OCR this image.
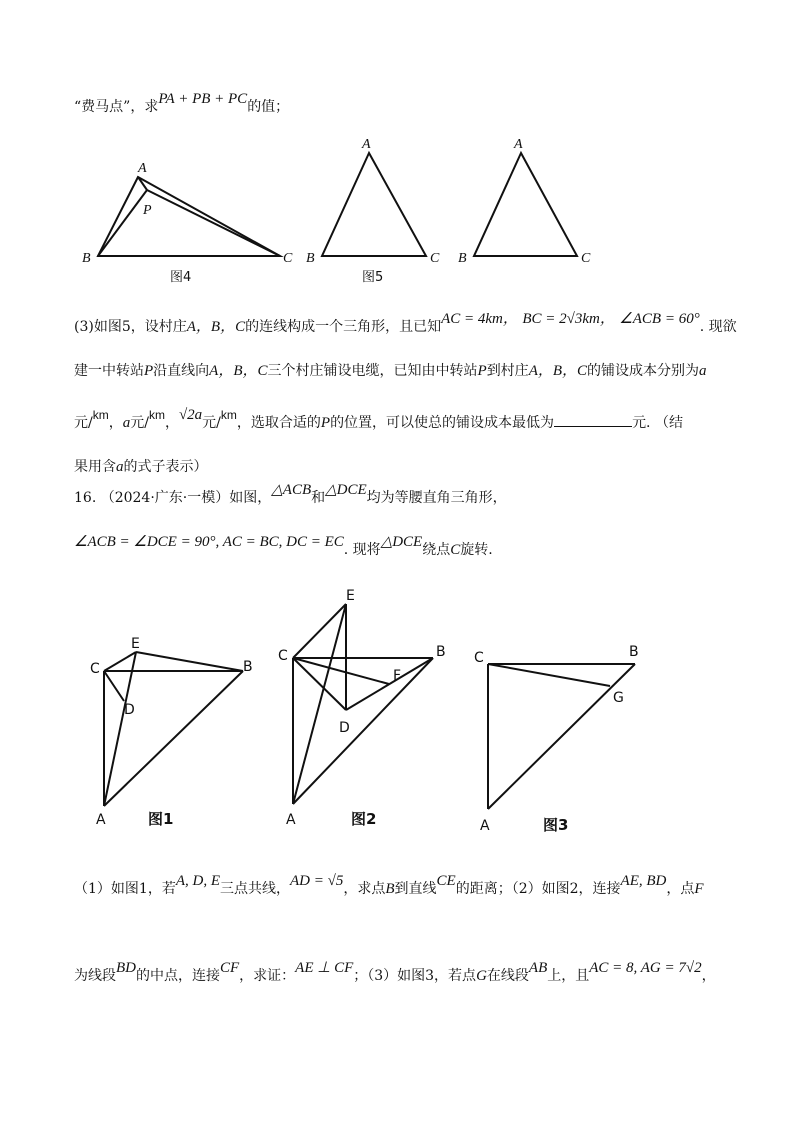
“费马点”，求PA + PB + PC的值；
A
P
B	C
图4
A
B	C
图5
A
B	C
(3)如图5，设村庄A，B，C的连线构成一个三角形，且已知AC = 4km， BC = 2√3km， ∠ACB = 60°. 现欲
建一中转站P沿直线向A，B，C三个村庄铺设电缆，已知由中转站P到村庄A，B，C的铺设成本分别为a
元/km，a元/km，√2a元/km，选取合适的P的位置，可以使总的铺设成本最低为	元. （结
果用含a的式子表示）
16. （2024·广东·一模）如图，△ACB和△DCE均为等腰直角三角形，
∠ACB = ∠DCE = 90°, AC = BC, DC = EC. 现将△DCE绕点C旋转.
C
E
B
D
A	图1
C
E
B
F
D
A	图2
C	B
G
A	图3
（1）如图1，若A, D, E三点共线，AD = √5，求点B到直线CE的距离；（2）如图2，连接AE, BD，点F
为线段BD的中点，连接CF，求证：AE ⊥ CF；（3）如图3，若点G在线段AB上，且AC = 8, AG = 7√2，
